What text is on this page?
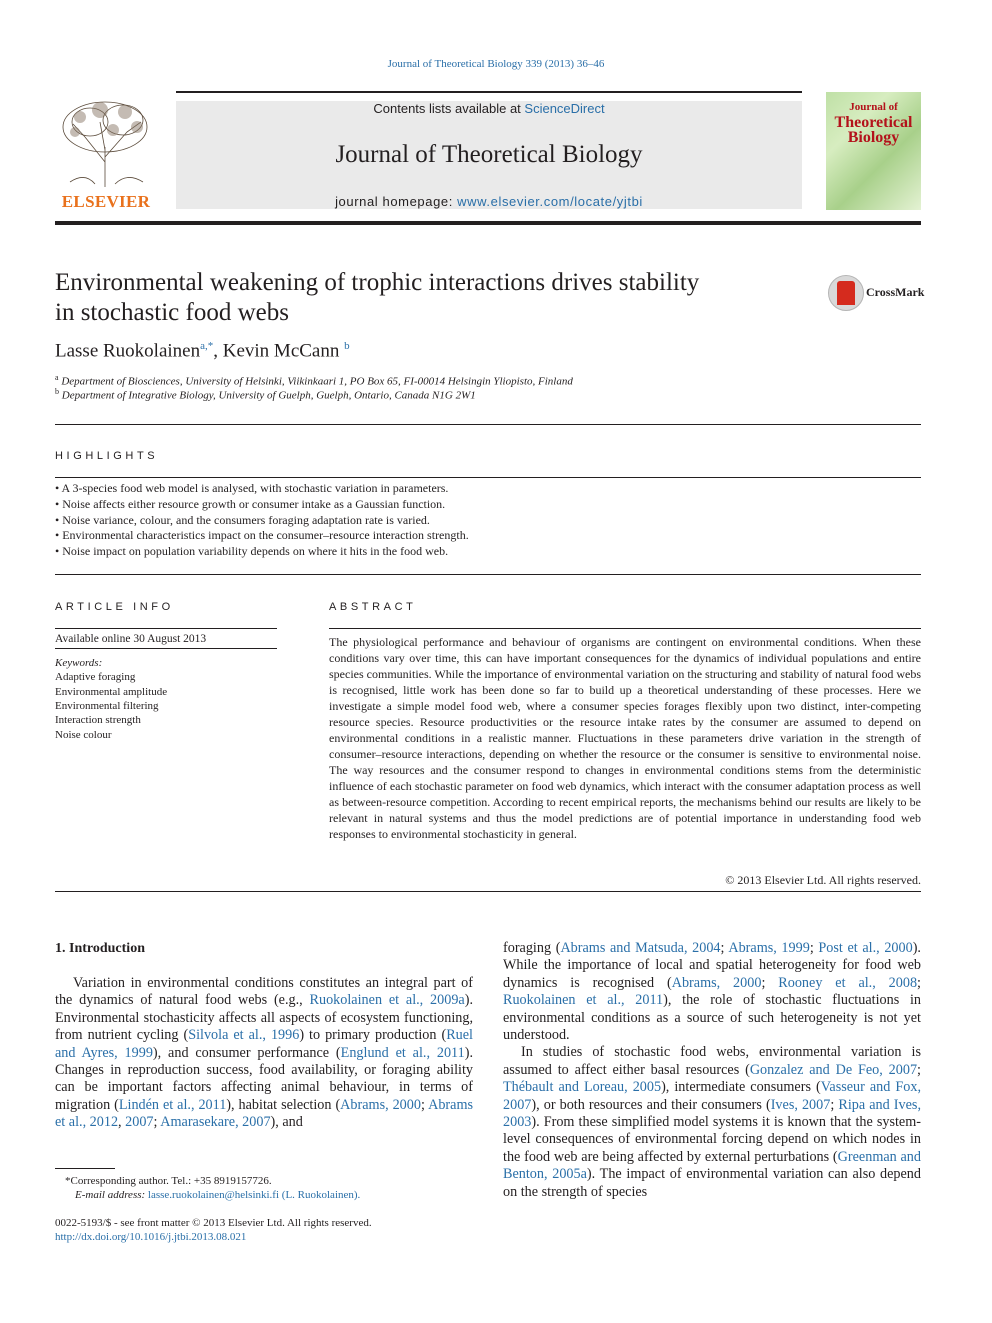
Journal of Theoretical Biology 339 (2013) 36–46
ELSEVIER
Contents lists available at ScienceDirect
Journal of Theoretical Biology
journal homepage: www.elsevier.com/locate/yjtbi
Journal of
Theoretical Biology
Environmental weakening of trophic interactions drives stability
in stochastic food webs
CrossMark
Lasse Ruokolainen$^{a,*}$, Kevin McCann $^b$
$^a$ Department of Biosciences, University of Helsinki, Viikinkaari 1, PO Box 65, FI-00014 Helsingin Yliopisto, Finland
$^b$ Department of Integrative Biology, University of Guelph, Guelph, Ontario, Canada N1G 2W1
HIGHLIGHTS
• A 3-species food web model is analysed, with stochastic variation in parameters.
• Noise affects either resource growth or consumer intake as a Gaussian function.
• Noise variance, colour, and the consumers foraging adaptation rate is varied.
• Environmental characteristics impact on the consumer–resource interaction strength.
• Noise impact on population variability depends on where it hits in the food web.
ARTICLE INFO
Available online 30 August 2013
Keywords:
Adaptive foraging
Environmental amplitude
Environmental filtering
Interaction strength
Noise colour
ABSTRACT

The physiological performance and behaviour of organisms are contingent on environmental conditions. When these conditions vary over time, this can have important consequences for the dynamics of individual populations and entire species communities. While the importance of environmental variation on the structuring and stability of natural food webs is recognised, little work has been done so far to build up a theoretical understanding of these processes. Here we investigate a simple model food web, where a consumer species forages flexibly upon two distinct, inter-competing resource species. Resource productivities or the resource intake rates by the consumer are assumed to depend on environmental conditions in a realistic manner. Fluctuations in these parameters drive variation in the strength of consumer–resource interactions, depending on whether the resource or the consumer is sensitive to environmental noise. The way resources and the consumer respond to changes in environmental conditions stems from the deterministic influence of each stochastic parameter on food web dynamics, which interact with the consumer adaptation process as well as between-resource competition. According to recent empirical reports, the mechanisms behind our results are likely to be relevant in natural systems and thus the model predictions are of potential importance in understanding food web responses to environmental stochasticity in general.

© 2013 Elsevier Ltd. All rights reserved.
1. Introduction

Variation in environmental conditions constitutes an integral part of the dynamics of natural food webs (e.g., Ruokolainen et al., 2009a). Environmental stochasticity affects all aspects of ecosystem functioning, from nutrient cycling (Silvola et al., 1996) to primary production (Ruel and Ayres, 1999), and consumer performance (Englund et al., 2011). Changes in reproduction success, food availability, or foraging ability can be important factors affecting animal behaviour, in terms of migration (Lindén et al., 2011), habitat selection (Abrams, 2000; Abrams et al., 2012, 2007; Amarasekare, 2007), and

foraging (Abrams and Matsuda, 2004; Abrams, 1999; Post et al., 2000). While the importance of local and spatial heterogeneity for food web dynamics is recognised (Abrams, 2000; Rooney et al., 2008; Ruokolainen et al., 2011), the role of stochastic fluctuations in environmental conditions as a source of such heterogeneity is not yet understood.

In studies of stochastic food webs, environmental variation is assumed to affect either basal resources (Gonzalez and De Feo, 2007; Thébault and Loreau, 2005), intermediate consumers (Vasseur and Fox, 2007), or both resources and their consumers (Ives, 2007; Ripa and Ives, 2003). From these simplified model systems it is known that the system-level consequences of environmental forcing depend on which nodes in the food web are being affected by external perturbations (Greenman and Benton, 2005a). The impact of environmental variation can also depend on the strength of species

*Corresponding author. Tel.: +35 8919157726.
E-mail address: lasse.ruokolainen@helsinki.fi (L. Ruokolainen).
0022-5193/$ - see front matter © 2013 Elsevier Ltd. All rights reserved.
http://dx.doi.org/10.1016/j.jtbi.2013.08.021
